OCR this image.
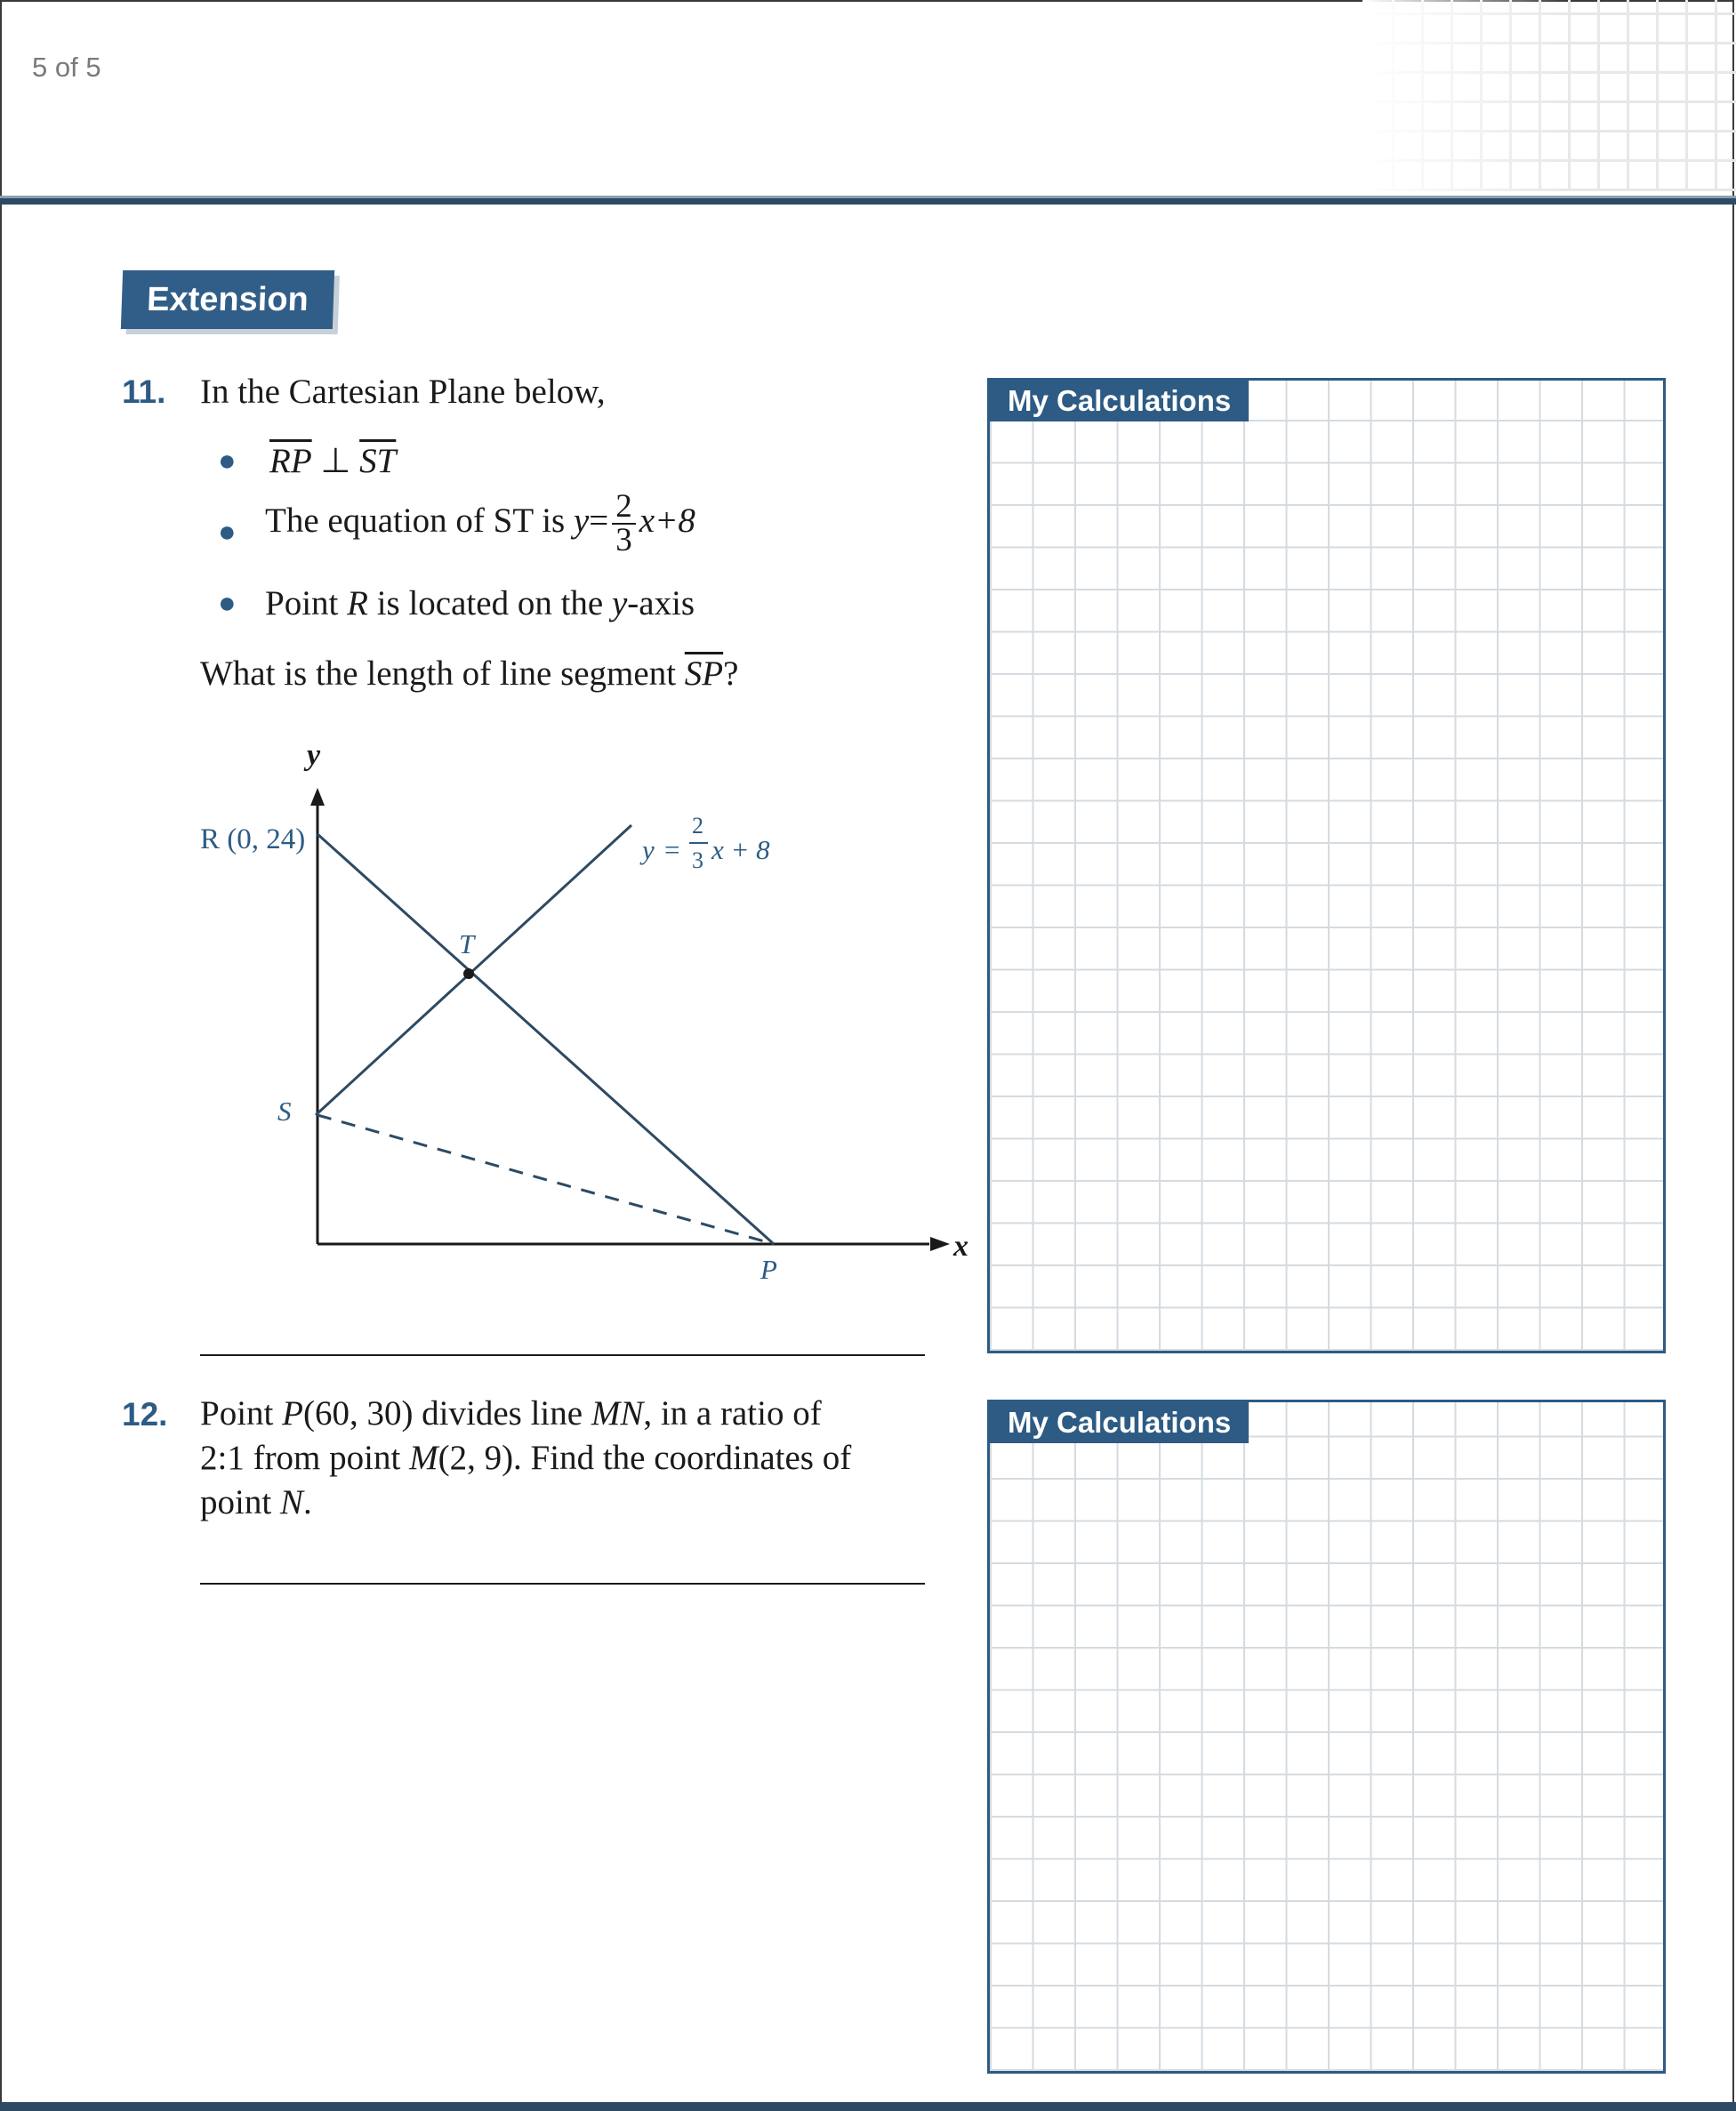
5 of 5
Extension
11. In the Cartesian Plane below,
● $\overline{RP}$ ⊥ $\overline{ST}$
● The equation of ST is $y= \frac{2}{3} x+8$
● Point R is located on the y-axis
What is the length of line segment $\overline{SP}$?
y
x
R (0, 24)
T
S
P
y =
2
3 x + 8
12. Point P(60, 30) divides line MN, in a ratio of
2:1 from point M(2, 9). Find the coordinates of
point N.
My Calculations
My Calculations
